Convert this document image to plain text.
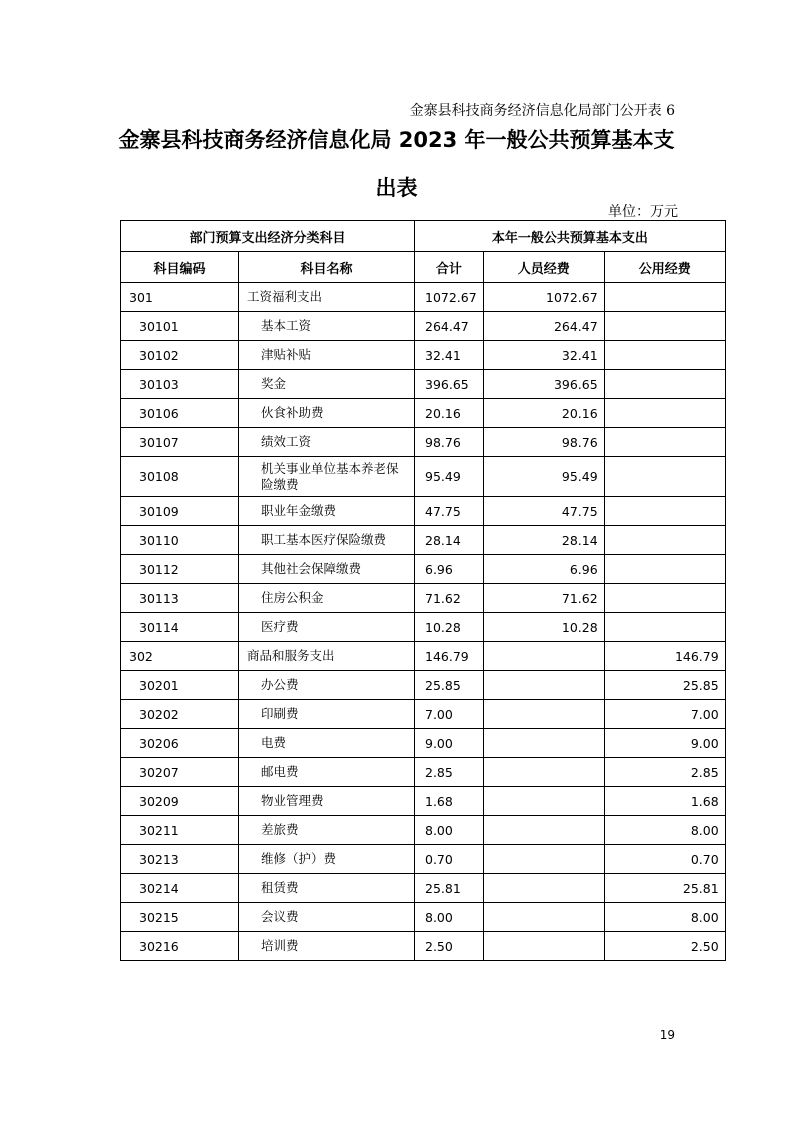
金寨县科技商务经济信息化局部门公开表 6
金寨县科技商务经济信息化局 2023 年一般公共预算基本支
出表
单位：万元
部门预算支出经济分类科目		本年一般公共预算基本支出		
科目编码	科目名称	合计	人员经费	公用经费
301	工资福利支出	1072.67	1072.67	
30101	基本工资	264.47	264.47	
30102	津贴补贴	32.41	32.41	
30103	奖金	396.65	396.65	
30106	伙食补助费	20.16	20.16	
30107	绩效工资	98.76	98.76	
30108	机关事业单位基本养老保险缴费	95.49	95.49	
30109	职业年金缴费	47.75	47.75	
30110	职工基本医疗保险缴费	28.14	28.14	
30112	其他社会保障缴费	6.96	6.96	
30113	住房公积金	71.62	71.62	
30114	医疗费	10.28	10.28	
302	商品和服务支出	146.79		146.79
30201	办公费	25.85		25.85
30202	印刷费	7.00		7.00
30206	电费	9.00		9.00
30207	邮电费	2.85		2.85
30209	物业管理费	1.68		1.68
30211	差旅费	8.00		8.00
30213	维修（护）费	0.70		0.70
30214	租赁费	25.81		25.81
30215	会议费	8.00		8.00
30216	培训费	2.50		2.50
19
